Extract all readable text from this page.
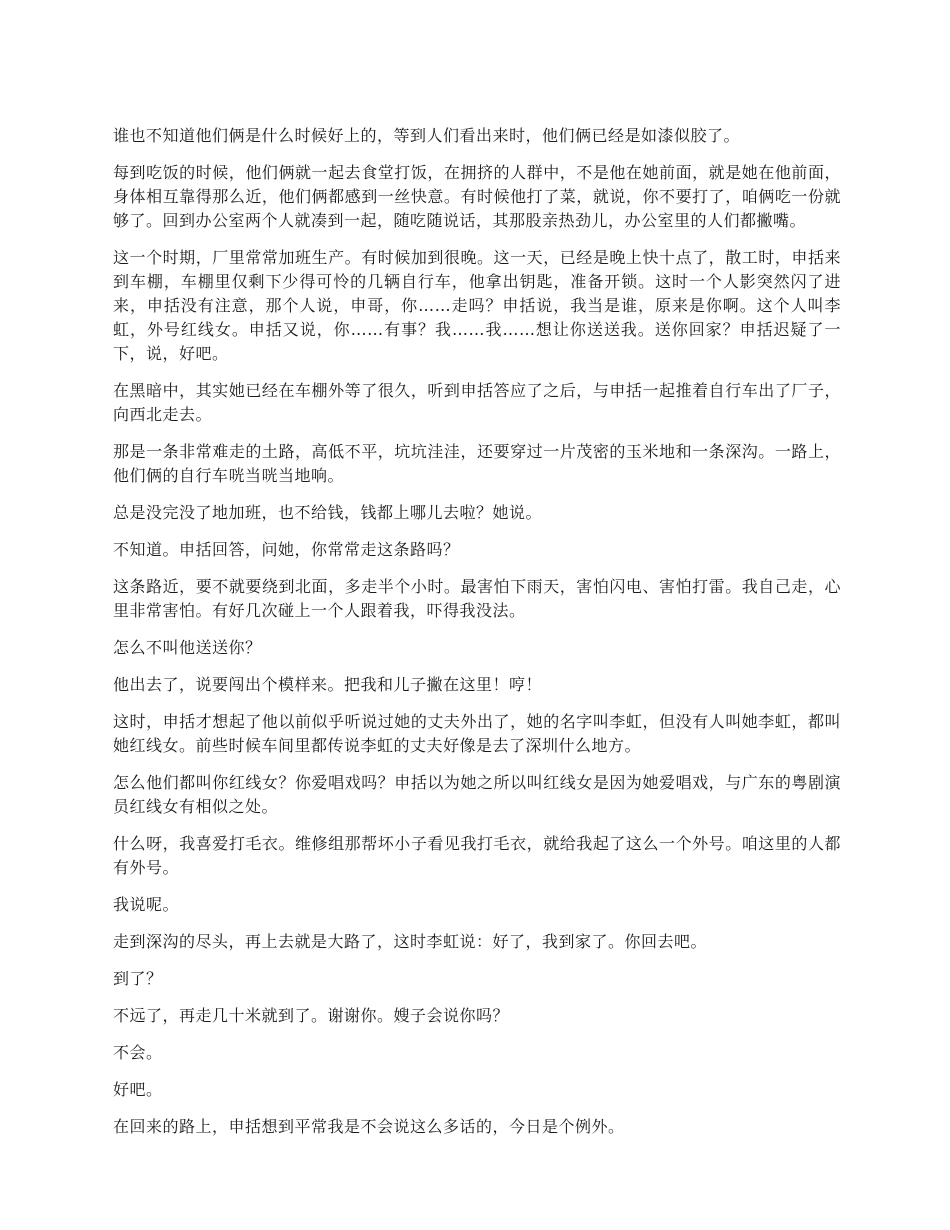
谁也不知道他们俩是什么时候好上的，等到人们看出来时，他们俩已经是如漆似胶了。

每到吃饭的时候，他们俩就一起去食堂打饭，在拥挤的人群中，不是他在她前面，就是她在他前面，身体相互靠得那么近，他们俩都感到一丝快意。有时候他打了菜，就说，你不要打了，咱俩吃一份就够了。回到办公室两个人就凑到一起，随吃随说话，其那股亲热劲儿，办公室里的人们都撇嘴。

这一个时期，厂里常常加班生产。有时候加到很晚。这一天，已经是晚上快十点了，散工时，申括来到车棚，车棚里仅剩下少得可怜的几辆自行车，他拿出钥匙，准备开锁。这时一个人影突然闪了进来，申括没有注意，那个人说，申哥，你……走吗？申括说，我当是谁，原来是你啊。这个人叫李虹，外号红线女。申括又说，你……有事？我……我……想让你送送我。送你回家？申括迟疑了一下，说，好吧。

在黑暗中，其实她已经在车棚外等了很久，听到申括答应了之后，与申括一起推着自行车出了厂子，向西北走去。

那是一条非常难走的土路，高低不平，坑坑洼洼，还要穿过一片茂密的玉米地和一条深沟。一路上，他们俩的自行车咣当咣当地响。

总是没完没了地加班，也不给钱，钱都上哪儿去啦？她说。

不知道。申括回答，问她，你常常走这条路吗？

这条路近，要不就要绕到北面，多走半个小时。最害怕下雨天，害怕闪电、害怕打雷。我自己走，心里非常害怕。有好几次碰上一个人跟着我，吓得我没法。

怎么不叫他送送你？

他出去了，说要闯出个模样来。把我和儿子撇在这里！哼！

这时，申括才想起了他以前似乎听说过她的丈夫外出了，她的名字叫李虹，但没有人叫她李虹，都叫她红线女。前些时候车间里都传说李虹的丈夫好像是去了深圳什么地方。

怎么他们都叫你红线女？你爱唱戏吗？申括以为她之所以叫红线女是因为她爱唱戏，与广东的粤剧演员红线女有相似之处。

什么呀，我喜爱打毛衣。维修组那帮坏小子看见我打毛衣，就给我起了这么一个外号。咱这里的人都有外号。

我说呢。

走到深沟的尽头，再上去就是大路了，这时李虹说：好了，我到家了。你回去吧。

到了？

不远了，再走几十米就到了。谢谢你。嫂子会说你吗？

不会。

好吧。

在回来的路上，申括想到平常我是不会说这么多话的，今日是个例外。
